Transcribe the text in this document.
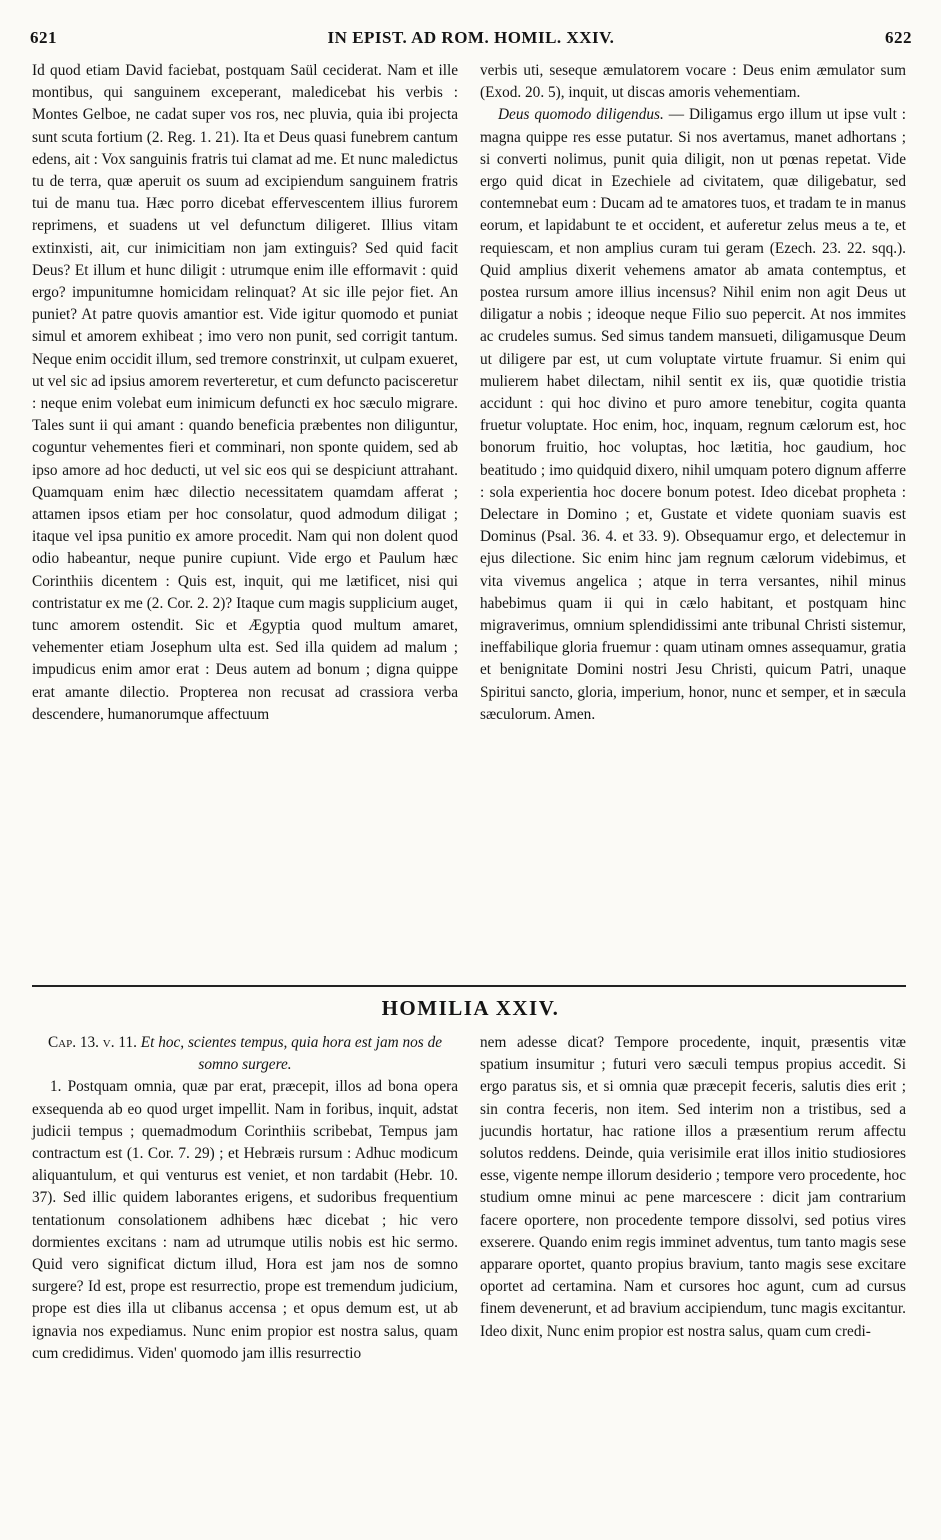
621	IN EPIST. AD ROM. HOMIL. XXIV.	622

Id quod etiam David faciebat, postquam Saül ceciderat. Nam et ille montibus, qui sanguinem exceperant, maledicebat his verbis : Montes Gelboe, ne cadat super vos ros, nec pluvia, quia ibi projecta sunt scuta fortium (2. Reg. 1. 21). Ita et Deus quasi funebrem cantum edens, ait : Vox sanguinis fratris tui clamat ad me. Et nunc maledictus tu de terra, quæ aperuit os suum ad excipiendum sanguinem fratris tui de manu tua. Hæc porro dicebat effervescentem illius furorem reprimens, et suadens ut vel defunctum diligeret. Illius vitam extinxisti, ait, cur inimicitiam non jam extinguis? Sed quid facit Deus? Et illum et hunc diligit : utrumque enim ille efformavit : quid ergo? impunitumne homicidam relinquat? At sic ille pejor fiet. An puniet? At patre quovis amantior est. Vide igitur quomodo et puniat simul et amorem exhibeat ; imo vero non punit, sed corrigit tantum. Neque enim occidit illum, sed tremore constrinxit, ut culpam exueret, ut vel sic ad ipsius amorem reverteretur, et cum defuncto pacisceretur : neque enim volebat eum inimicum defuncti ex hoc sæculo migrare. Tales sunt ii qui amant : quando beneficia præbentes non diliguntur, coguntur vehementes fieri et comminari, non sponte quidem, sed ab ipso amore ad hoc deducti, ut vel sic eos qui se despiciunt attrahant. Quamquam enim hæc dilectio necessitatem quamdam afferat ; attamen ipsos etiam per hoc consolatur, quod admodum diligat ; itaque vel ipsa punitio ex amore procedit. Nam qui non dolent quod odio habeantur, neque punire cupiunt. Vide ergo et Paulum hæc Corinthiis dicentem : Quis est, inquit, qui me lætificet, nisi qui contristatur ex me (2. Cor. 2. 2)? Itaque cum magis supplicium auget, tunc amorem ostendit. Sic et Ægyptia quod multum amaret, vehementer etiam Josephum ulta est. Sed illa quidem ad malum ; impudicus enim amor erat : Deus autem ad bonum ; digna quippe erat amante dilectio. Propterea non recusat ad crassiora verba descendere, humanorumque affectuum

verbis uti, seseque æmulatorem vocare : Deus enim æmulator sum (Exod. 20. 5), inquit, ut discas amoris vehementiam.

Deus quomodo diligendus. — Diligamus ergo illum ut ipse vult : magna quippe res esse putatur. Si nos avertamus, manet adhortans ; si converti nolimus, punit quia diligit, non ut pœnas repetat. Vide ergo quid dicat in Ezechiele ad civitatem, quæ diligebatur, sed contemnebat eum : Ducam ad te amatores tuos, et tradam te in manus eorum, et lapidabunt te et occident, et auferetur zelus meus a te, et requiescam, et non amplius curam tui geram (Ezech. 23. 22. sqq.). Quid amplius dixerit vehemens amator ab amata contemptus, et postea rursum amore illius incensus? Nihil enim non agit Deus ut diligatur a nobis ; ideoque neque Filio suo pepercit. At nos immites ac crudeles sumus. Sed simus tandem mansueti, diligamusque Deum ut diligere par est, ut cum voluptate virtute fruamur. Si enim qui mulierem habet dilectam, nihil sentit ex iis, quæ quotidie tristia accidunt : qui hoc divino et puro amore tenebitur, cogita quanta fruetur voluptate. Hoc enim, hoc, inquam, regnum cælorum est, hoc bonorum fruitio, hoc voluptas, hoc lætitia, hoc gaudium, hoc beatitudo ; imo quidquid dixero, nihil umquam potero dignum afferre : sola experientia hoc docere bonum potest. Ideo dicebat propheta : Delectare in Domino ; et, Gustate et videte quoniam suavis est Dominus (Psal. 36. 4. et 33. 9). Obsequamur ergo, et delectemur in ejus dilectione. Sic enim hinc jam regnum cælorum videbimus, et vita vivemus angelica ; atque in terra versantes, nihil minus habebimus quam ii qui in cælo habitant, et postquam hinc migraverimus, omnium splendidissimi ante tribunal Christi sistemur, ineffabilique gloria fruemur : quam utinam omnes assequamur, gratia et benignitate Domini nostri Jesu Christi, quicum Patri, unaque Spiritui sancto, gloria, imperium, honor, nunc et semper, et in sæcula sæculorum. Amen.

HOMILIA XXIV.

Cap. 13. v. 11. Et hoc, scientes tempus, quia hora est jam nos de somno surgere.

1. Postquam omnia, quæ par erat, præcepit, illos ad bona opera exsequenda ab eo quod urget impellit. Nam in foribus, inquit, adstat judicii tempus ; quemadmodum Corinthiis scribebat, Tempus jam contractum est (1. Cor. 7. 29) ; et Hebræis rursum : Adhuc modicum aliquantulum, et qui venturus est veniet, et non tardabit (Hebr. 10. 37). Sed illic quidem laborantes erigens, et sudoribus frequentium tentationum consolationem adhibens hæc dicebat ; hic vero dormientes excitans : nam ad utrumque utilis nobis est hic sermo. Quid vero significat dictum illud, Hora est jam nos de somno surgere? Id est, prope est resurrectio, prope est tremendum judicium, prope est dies illa ut clibanus accensa ; et opus demum est, ut ab ignavia nos expediamus. Nunc enim propior est nostra salus, quam cum credidimus. Viden' quomodo jam illis resurrectio

nem adesse dicat? Tempore procedente, inquit, præsentis vitæ spatium insumitur ; futuri vero sæculi tempus propius accedit. Si ergo paratus sis, et si omnia quæ præcepit feceris, salutis dies erit ; sin contra feceris, non item. Sed interim non a tristibus, sed a jucundis hortatur, hac ratione illos a præsentium rerum affectu solutos reddens. Deinde, quia verisimile erat illos initio studiosiores esse, vigente nempe illorum desiderio ; tempore vero procedente, hoc studium omne minui ac pene marcescere : dicit jam contrarium facere oportere, non procedente tempore dissolvi, sed potius vires exserere. Quando enim regis imminet adventus, tum tanto magis sese apparare oportet, quanto propius bravium, tanto magis sese excitare oportet ad certamina. Nam et cursores hoc agunt, cum ad cursus finem devenerunt, et ad bravium accipiendum, tunc magis excitantur. Ideo dixit, Nunc enim propior est nostra salus, quam cum credi-
